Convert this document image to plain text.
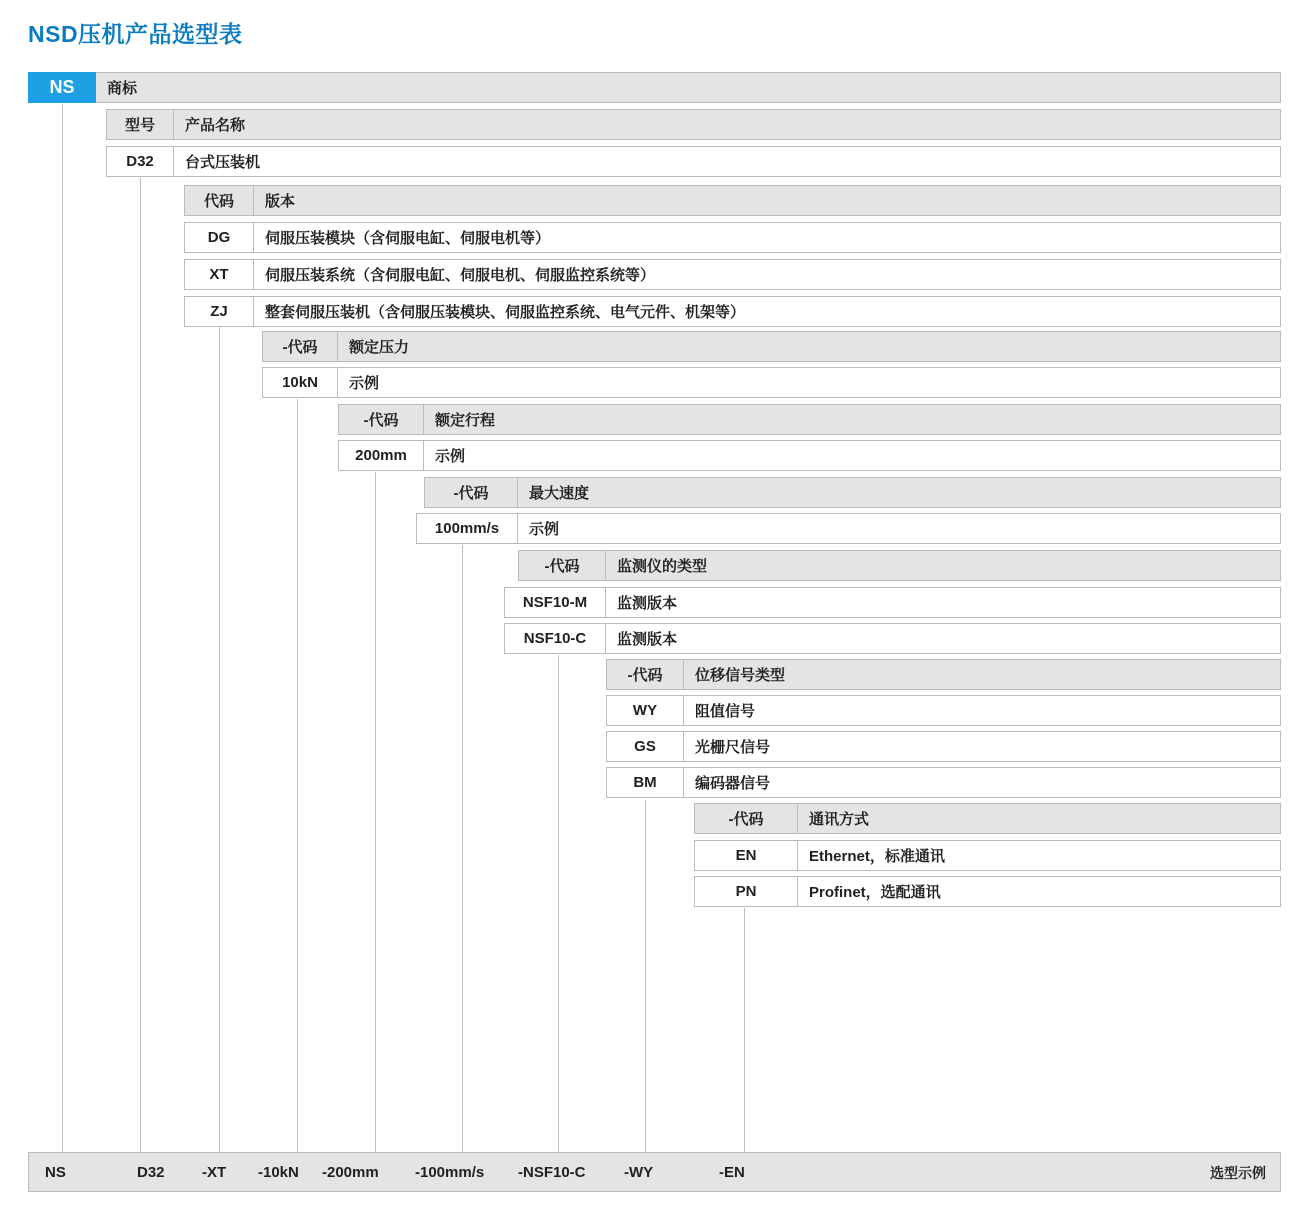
NSD压机产品选型表
NS	商标
型号	产品名称
D32	台式压装机
代码	版本
DG	伺服压装模块（含伺服电缸、伺服电机等）
XT	伺服压装系统（含伺服电缸、伺服电机、伺服监控系统等）
ZJ	整套伺服压装机（含伺服压装模块、伺服监控系统、电气元件、机架等）
-代码	额定压力
10kN	示例
-代码	额定行程
200mm	示例
-代码	最大速度
100mm/s	示例
-代码	监测仪的类型
NSF10-M	监测版本
NSF10-C	监测版本
-代码	位移信号类型
WY	阻值信号
GS	光栅尺信号
BM	编码器信号
-代码	通讯方式
EN	Ethernet，标准通讯
PN	Profinet，选配通讯
NS	D32 -XT -10kN -200mm -100mm/s -NSF10-C	-WY	-EN	选型示例
